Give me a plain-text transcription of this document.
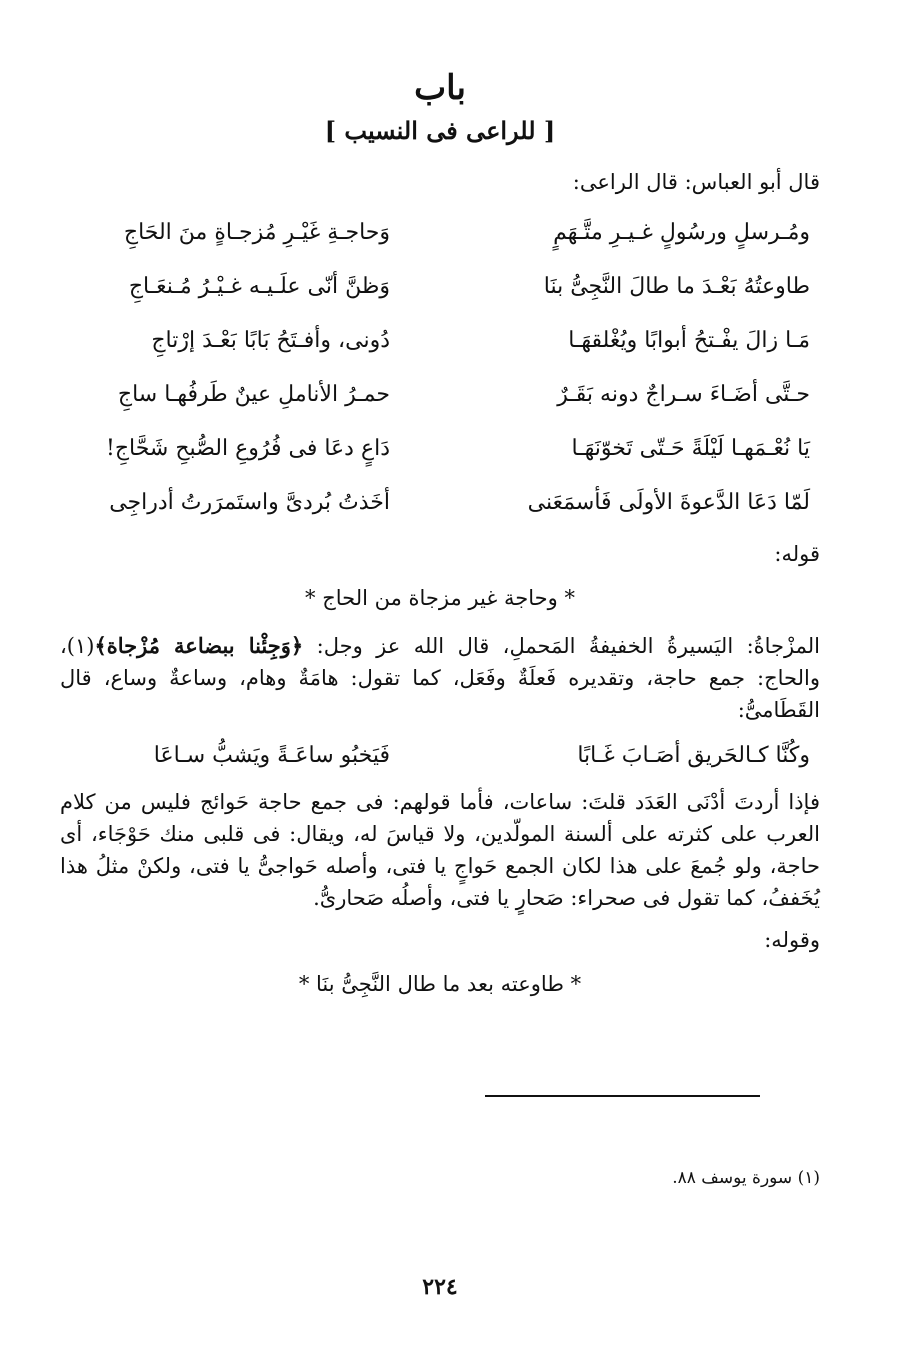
باب
[ للراعى فى النسيب ]

قال أبو العباس: قال الراعى:

ومُـرسلٍ ورسُولٍ غـيـرِ متَّـهَمٍ	وَحاجـةِ غَيْـرِ مُزجـاةٍ منَ الحَاجِ
طاوعتُهُ بَعْـدَ ما طالَ النَّجِىُّ بنَا	وَظنَّ أنّى علَـيـه غـيْـرُ مُـنعَـاجِ
مَـا زالَ يفْـتحُ أبوابًا ويُغْلقهَـا	دُونى، وأفـتَحُ بَابًا بَعْـدَ إرْتاجِ
حـتَّى أضَـاءَ سـراجٌ دونه بَقَـرٌ	حمـرُ الأناملِ عينٌ طَرفُهـا ساجِ
يَا نُعْـمَهـا لَيْلَةً حَـتّى تَخوّنَهَـا	دَاعٍ دعَا فى فُرُوعِ الصُّبحِ شَحَّاجِ!
لَمّا دَعَا الدَّعوةَ الأولَى فَأسمَعَنى	أخَذتُ بُردىَّ واستَمرَرتُ أدراجِى
قوله:
* وحاجة غير مزجاة من الحاج *

المزْجاةُ: اليَسيرةُ الخفيفةُ المَحملِ، قال الله عز وجل: ﴿وَجِئْنا ببضاعة مُزْجاة﴾(١)، والحاج: جمع حاجة، وتقديره فَعلَةٌ وفَعَل، كما تقول: هامَةٌ وهام، وساعةٌ وساع، قال القَطَامىُّ:

وكُنَّا كـالحَريق أصَـابَ غَـابًا	فَيَخبُو ساعَـةً ويَشبُّ سـاعَا

فإذا أردتَ أدْنَى العَدَد قلتَ: ساعات، فأما قولهم: فى جمع حاجة حَوائج فليس من كلام العرب على كثرته على ألسنة المولّدين، ولا قياسَ له، ويقال: فى قلبى منك حَوْجَاء، أى حاجة، ولو جُمعَ على هذا لكان الجمع حَواجٍ يا فتى، وأصله حَواجىُّ يا فتى، ولكنْ مثلُ هذا يُخَففُ، كما تقول فى صحراء: صَحارٍ يا فتى، وأصلُه صَحارىُّ.

وقوله:
* طاوعته بعد ما طال النَّجِىُّ بنَا *
(١) سورة يوسف ٨٨.
٢٢٤
